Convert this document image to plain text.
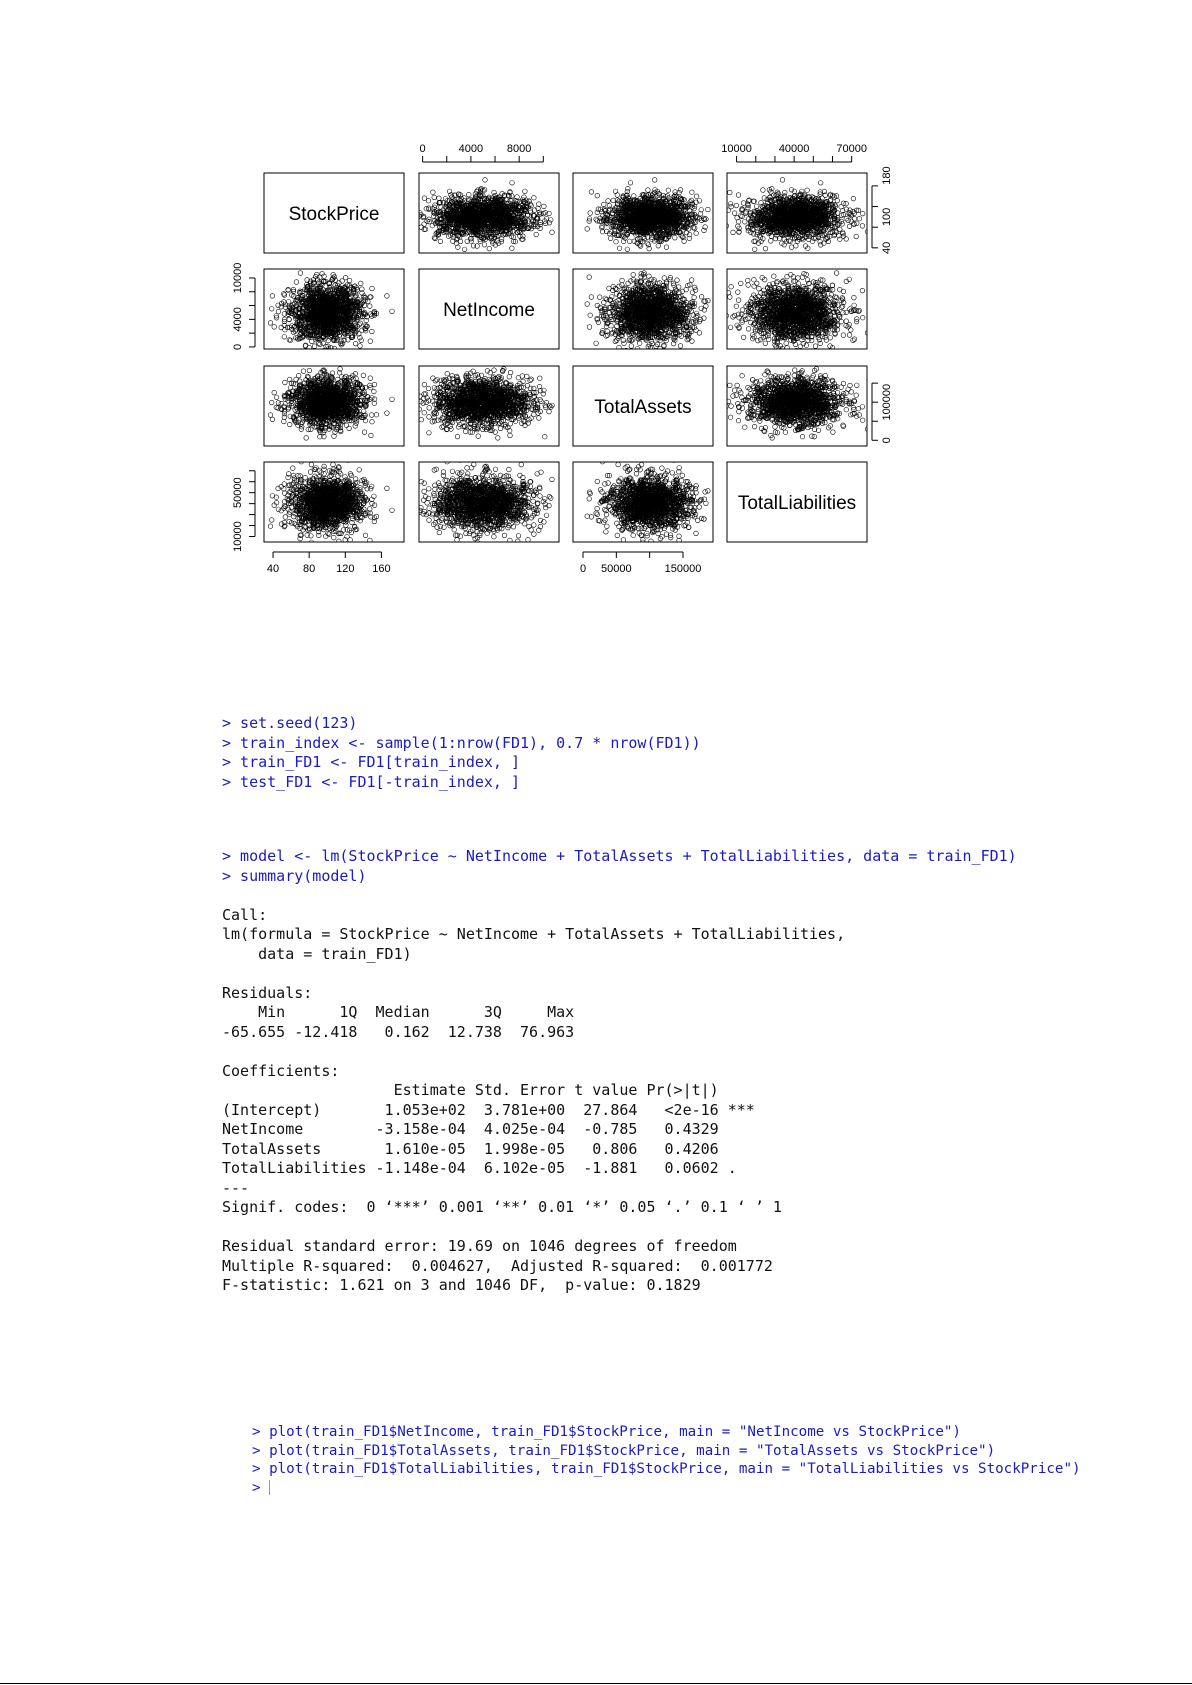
StockPrice
NetIncome
TotalAssets
TotalLiabilities
0	4000 8000	10000 40000 70000
40 80 120 160	0 50000	150000
40
100
180
0
100000
0
4000
10000
10000
50000
> set.seed(123)
> train_index <- sample(1:nrow(FD1), 0.7 * nrow(FD1))
> train_FD1 <- FD1[train_index, ]
> test_FD1 <- FD1[-train_index, ]
> model <- lm(StockPrice ~ NetIncome + TotalAssets + TotalLiabilities, data = train_FD1)
> summary(model)

Call:
lm(formula = StockPrice ~ NetIncome + TotalAssets + TotalLiabilities,
data = train_FD1)

Residuals:
Min      1Q  Median      3Q     Max
-65.655 -12.418   0.162  12.738  76.963

Coefficients:
Estimate Std. Error t value Pr(>|t|)
(Intercept)       1.053e+02  3.781e+00  27.864   <2e-16 ***
NetIncome        -3.158e-04  4.025e-04  -0.785   0.4329
TotalAssets       1.610e-05  1.998e-05   0.806   0.4206
TotalLiabilities -1.148e-04  6.102e-05  -1.881   0.0602 .
---
Signif. codes:  0 ‘***’ 0.001 ‘**’ 0.01 ‘*’ 0.05 ‘.’ 0.1 ‘ ’ 1

Residual standard error: 19.69 on 1046 degrees of freedom
Multiple R-squared:  0.004627,	Adjusted R-squared:  0.001772
F-statistic: 1.621 on 3 and 1046 DF,  p-value: 0.1829
> plot(train_FD1$NetIncome, train_FD1$StockPrice, main = "NetIncome vs StockPrice")
> plot(train_FD1$TotalAssets, train_FD1$StockPrice, main = "TotalAssets vs StockPrice")
> plot(train_FD1$TotalLiabilities, train_FD1$StockPrice, main = "TotalLiabilities vs StockPrice")
>
